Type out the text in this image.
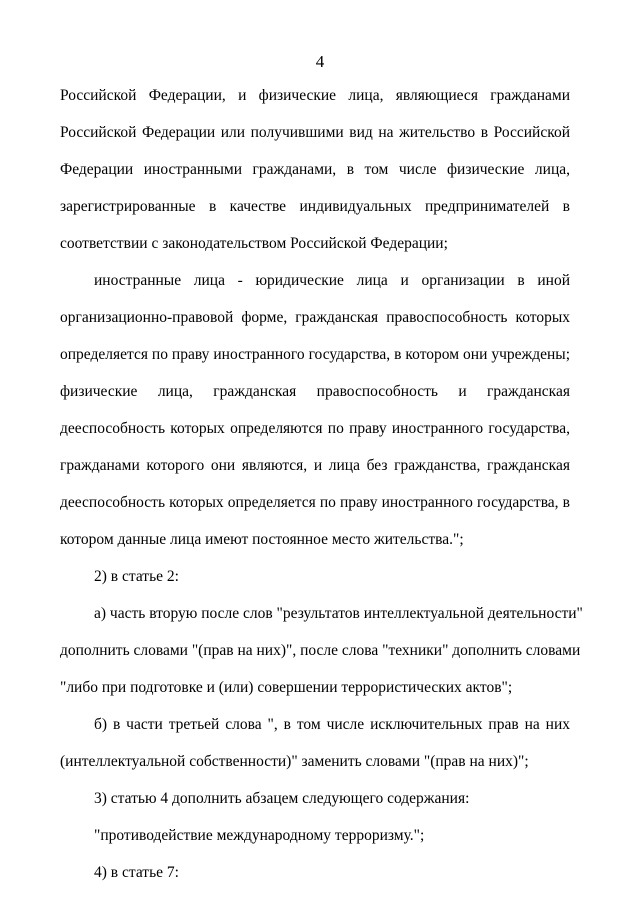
4
Российской Федерации, и физические лица, являющиеся гражданами
Российской Федерации или получившими вид на жительство в Российской
Федерации иностранными гражданами, в том числе физические лица,
зарегистрированные в качестве индивидуальных предпринимателей в
соответствии с законодательством Российской Федерации;
иностранные лица - юридические лица и организации в иной
организационно-правовой форме, гражданская правоспособность которых
определяется по праву иностранного государства, в котором они учреждены;
физические лица, гражданская правоспособность и гражданская
дееспособность которых определяются по праву иностранного государства,
гражданами которого они являются, и лица без гражданства, гражданская
дееспособность которых определяется по праву иностранного государства, в
котором данные лица имеют постоянное место жительства.";
2) в статье 2:
а) часть вторую после слов "результатов интеллектуальной деятельности"
дополнить словами "(прав на них)", после слова "техники" дополнить словами
"либо при подготовке и (или) совершении террористических актов";
б) в части третьей слова ", в том числе исключительных прав на них
(интеллектуальной собственности)" заменить словами "(прав на них)";
3) статью 4 дополнить абзацем следующего содержания:
"противодействие международному терроризму.";
4) в статье 7:
